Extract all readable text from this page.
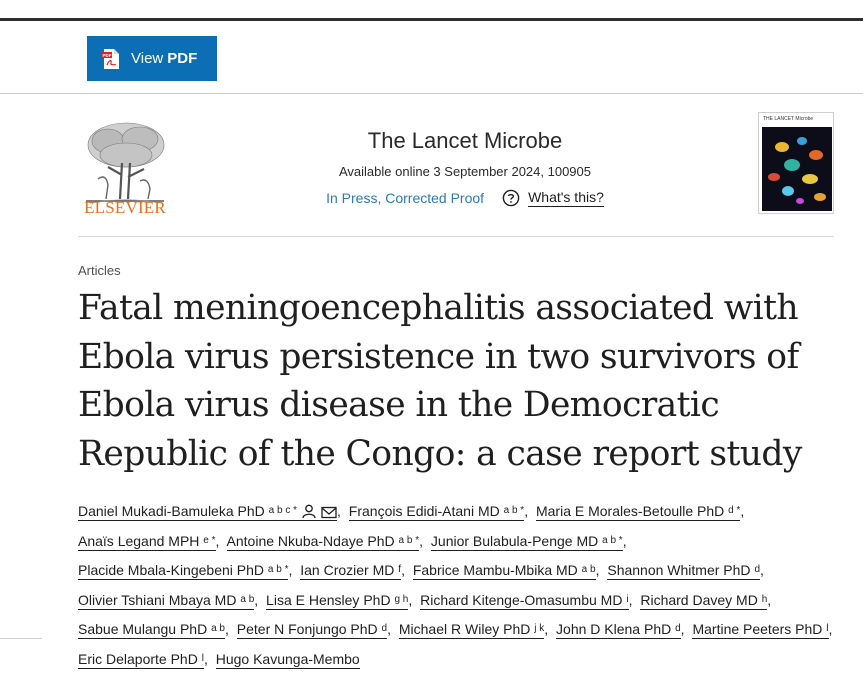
PDF View PDF
ELSEVIER
The Lancet Microbe
Available online 3 September 2024, 100905
In Press, Corrected Proof	What's this?
THE LANCET Microbe
Articles
Fatal meningoencephalitis associated with Ebola virus persistence in two survivors of Ebola virus disease in the Democratic Republic of the Congo: a case report study
Daniel Mukadi-Bamuleka PhD $^{a b c *}$	, François Edidi-Atani MD $^{a b *}$, Maria E Morales-Betoulle PhD $^{d *}$, Anaïs Legand MPH $^{e *}$, Antoine Nkuba-Ndaye PhD $^{a b *}$, Junior Bulabula-Penge MD $^{a b *}$, Placide Mbala-Kingebeni PhD $^{a b *}$, Ian Crozier MD $^f$, Fabrice Mambu-Mbika MD $^{a b}$, Shannon Whitmer PhD $^d$, Olivier Tshiani Mbaya MD $^{a b}$, Lisa E Hensley PhD $^{g h}$, Richard Kitenge-Omasumbu MD $^i$, Richard Davey MD $^h$, Sabue Mulangu PhD $^{a b}$, Peter N Fonjungo PhD $^d$, Michael R Wiley PhD $^{j k}$, John D Klena PhD $^d$, Martine Peeters PhD $^l$, Eric Delaporte PhD $^l$, Hugo Kavunga-Membo
